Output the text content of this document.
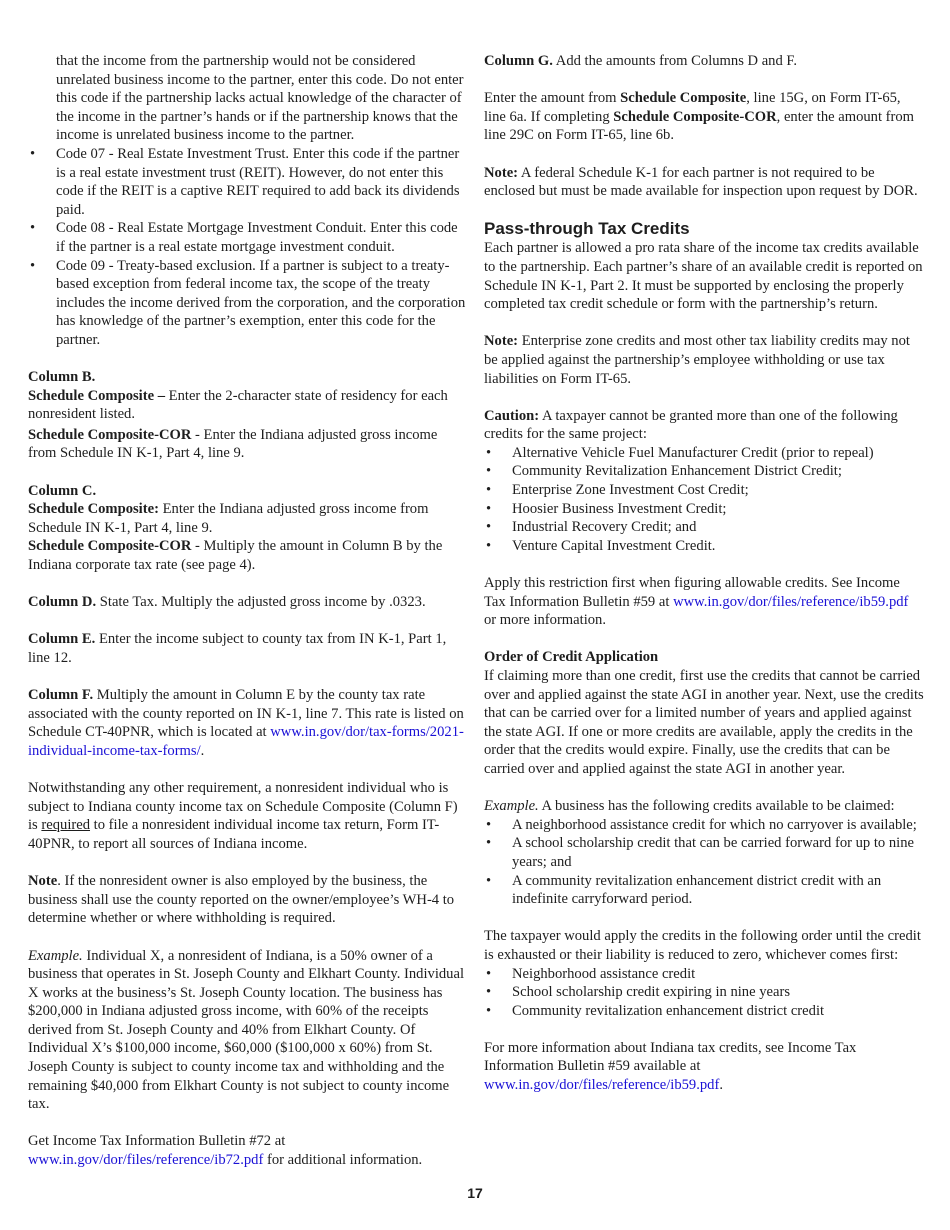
that the income from the partnership would not be considered unrelated business income to the partner, enter this code. Do not enter this code if the partnership lacks actual knowledge of the character of the income in the partner’s hands or if the partnership knows that the income is unrelated business income to the partner.

• Code 07 - Real Estate Investment Trust. Enter this code if the partner is a real estate investment trust (REIT). However, do not enter this code if the REIT is a captive REIT required to add back its dividends paid.
• Code 08 - Real Estate Mortgage Investment Conduit. Enter this code if the partner is a real estate mortgage investment conduit.
• Code 09 - Treaty-based exclusion. If a partner is subject to a treaty-based exception from federal income tax, the scope of the treaty includes the income derived from the corporation, and the corporation has knowledge of the partner’s exemption, enter this code for the partner.

Column B.

Schedule Composite – Enter the 2-character state of residency for each nonresident listed.

Schedule Composite-COR - Enter the Indiana adjusted gross income from Schedule IN K-1, Part 4, line 9.

Column C.

Schedule Composite: Enter the Indiana adjusted gross income from Schedule IN K-1, Part 4, line 9.

Schedule Composite-COR - Multiply the amount in Column B by the Indiana corporate tax rate (see page 4).

Column D. State Tax. Multiply the adjusted gross income by .0323.

Column E. Enter the income subject to county tax from IN K-1, Part 1, line 12.

Column F. Multiply the amount in Column E by the county tax rate associated with the county reported on IN K-1, line 7. This rate is listed on Schedule CT-40PNR, which is located at www.in.gov/dor/tax-forms/2021-individual-income-tax-forms/.

Notwithstanding any other requirement, a nonresident individual who is subject to Indiana county income tax on Schedule Composite (Column F) is required to file a nonresident individual income tax return, Form IT-40PNR, to report all sources of Indiana income.

Note. If the nonresident owner is also employed by the business, the business shall use the county reported on the owner/employee’s WH-4 to determine whether or where withholding is required.

Example. Individual X, a nonresident of Indiana, is a 50% owner of a business that operates in St. Joseph County and Elkhart County. Individual X works at the business’s St. Joseph County location. The business has $200,000 in Indiana adjusted gross income, with 60% of the receipts derived from St. Joseph County and 40% from Elkhart County. Of Individual X’s $100,000 income, $60,000 ($100,000 x 60%) from St. Joseph County is subject to county income tax and withholding and the remaining $40,000 from Elkhart County is not subject to county income tax.

Get Income Tax Information Bulletin #72 at www.in.gov/dor/files/reference/ib72.pdf for additional information.

Column G. Add the amounts from Columns D and F.

Enter the amount from Schedule Composite, line 15G, on Form IT-65, line 6a. If completing Schedule Composite-COR, enter the amount from line 29C on Form IT-65, line 6b.

Note: A federal Schedule K-1 for each partner is not required to be enclosed but must be made available for inspection upon request by DOR.

Pass-through Tax Credits

Each partner is allowed a pro rata share of the income tax credits available to the partnership. Each partner’s share of an available credit is reported on Schedule IN K-1, Part 2. It must be supported by enclosing the properly completed tax credit schedule or form with the partnership’s return.

Note: Enterprise zone credits and most other tax liability credits may not be applied against the partnership’s employee withholding or use tax liabilities on Form IT-65.

Caution: A taxpayer cannot be granted more than one of the following credits for the same project:

• Alternative Vehicle Fuel Manufacturer Credit (prior to repeal)
• Community Revitalization Enhancement District Credit;
• Enterprise Zone Investment Cost Credit;
• Hoosier Business Investment Credit;
• Industrial Recovery Credit; and
• Venture Capital Investment Credit.

Apply this restriction first when figuring allowable credits. See Income Tax Information Bulletin #59 at www.in.gov/dor/files/reference/ib59.pdf or more information.

Order of Credit Application

If claiming more than one credit, first use the credits that cannot be carried over and applied against the state AGI in another year. Next, use the credits that can be carried over for a limited number of years and applied against the state AGI. If one or more credits are available, apply the credits in the order that the credits would expire. Finally, use the credits that can be carried over and applied against the state AGI in another year.

Example. A business has the following credits available to be claimed:

• A neighborhood assistance credit for which no carryover is available;
• A school scholarship credit that can be carried forward for up to nine years; and
• A community revitalization enhancement district credit with an indefinite carryforward period.

The taxpayer would apply the credits in the following order until the credit is exhausted or their liability is reduced to zero, whichever comes first:

• Neighborhood assistance credit
• School scholarship credit expiring in nine years
• Community revitalization enhancement district credit

For more information about Indiana tax credits, see Income Tax Information Bulletin #59 available at www.in.gov/dor/files/reference/ib59.pdf.

17
